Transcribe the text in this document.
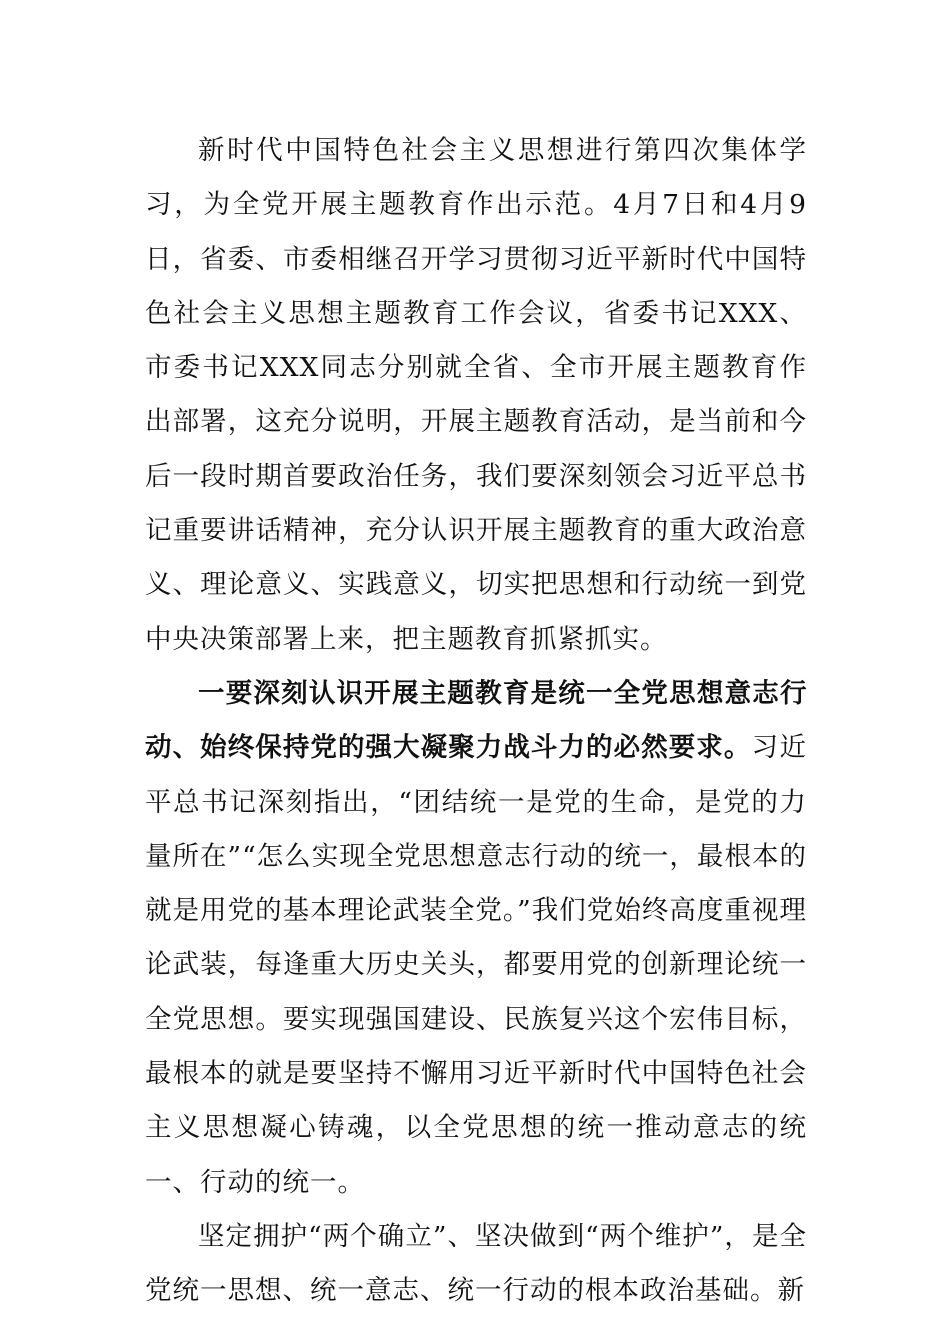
新时代中国特色社会主义思想进行第四次集体学习，为全党开展主题教育作出示范。4月7日和4月9日，省委、市委相继召开学习贯彻习近平新时代中国特色社会主义思想主题教育工作会议，省委书记XXX、市委书记XXX同志分别就全省、全市开展主题教育作出部署，这充分说明，开展主题教育活动，是当前和今后一段时期首要政治任务，我们要深刻领会习近平总书记重要讲话精神，充分认识开展主题教育的重大政治意义、理论意义、实践意义，切实把思想和行动统一到党中央决策部署上来，把主题教育抓紧抓实。

一要深刻认识开展主题教育是统一全党思想意志行动、始终保持党的强大凝聚力战斗力的必然要求。习近平总书记深刻指出，“团结统一是党的生命，是党的力量所在”“怎么实现全党思想意志行动的统一，最根本的就是用党的基本理论武装全党。”我们党始终高度重视理论武装，每逢重大历史关头，都要用党的创新理论统一全党思想。要实现强国建设、民族复兴这个宏伟目标，最根本的就是要坚持不懈用习近平新时代中国特色社会主义思想凝心铸魂，以全党思想的统一推动意志的统一、行动的统一。

坚定拥护“两个确立”、坚决做到“两个维护”，是全党统一思想、统一意志、统一行动的根本政治基础。新
